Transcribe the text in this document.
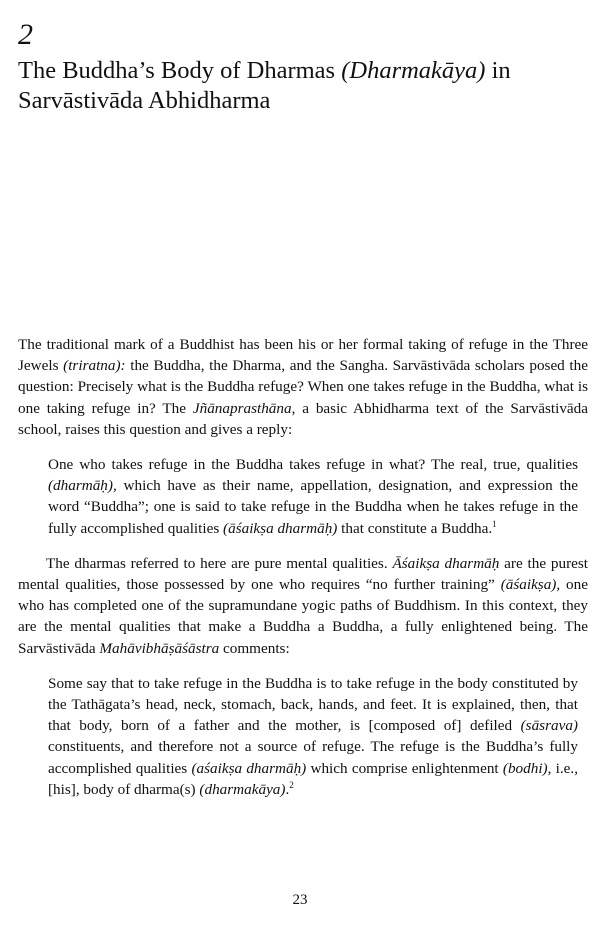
2
The Buddha’s Body of Dharmas (Dharmakāya) in Sarvāstivāda Abhidharma

The traditional mark of a Buddhist has been his or her formal taking of refuge in the Three Jewels (triratna): the Buddha, the Dharma, and the Sangha. Sarvāstivāda scholars posed the question: Precisely what is the Buddha refuge? When one takes refuge in the Buddha, what is one taking refuge in? The Jñānaprasthāna, a basic Abhidharma text of the Sarvāstivāda school, raises this question and gives a reply:

One who takes refuge in the Buddha takes refuge in what? The real, true, qualities (dharmāḥ), which have as their name, appellation, designation, and expression the word “Buddha”; one is said to take refuge in the Buddha when he takes refuge in the fully accomplished qualities (āśaikṣa dharmāḥ) that constitute a Buddha.$^1$

The dharmas referred to here are pure mental qualities. Āśaikṣa dharmāḥ are the purest mental qualities, those possessed by one who requires “no further training” (āśaikṣa), one who has completed one of the supramundane yogic paths of Buddhism. In this context, they are the mental qualities that make a Buddha a Buddha, a fully enlightened being. The Sarvāstivāda Mahāvibhāṣāśāstra comments:

Some say that to take refuge in the Buddha is to take refuge in the body constituted by the Tathāgata’s head, neck, stomach, back, hands, and feet. It is explained, then, that that body, born of a father and the mother, is [composed of] defiled (sāsrava) constituents, and therefore not a source of refuge. The refuge is the Buddha’s fully accomplished qualities (aśaikṣa dharmāḥ) which comprise enlightenment (bodhi), i.e., [his], body of dharma(s) (dharmakāya).$^2$
23
